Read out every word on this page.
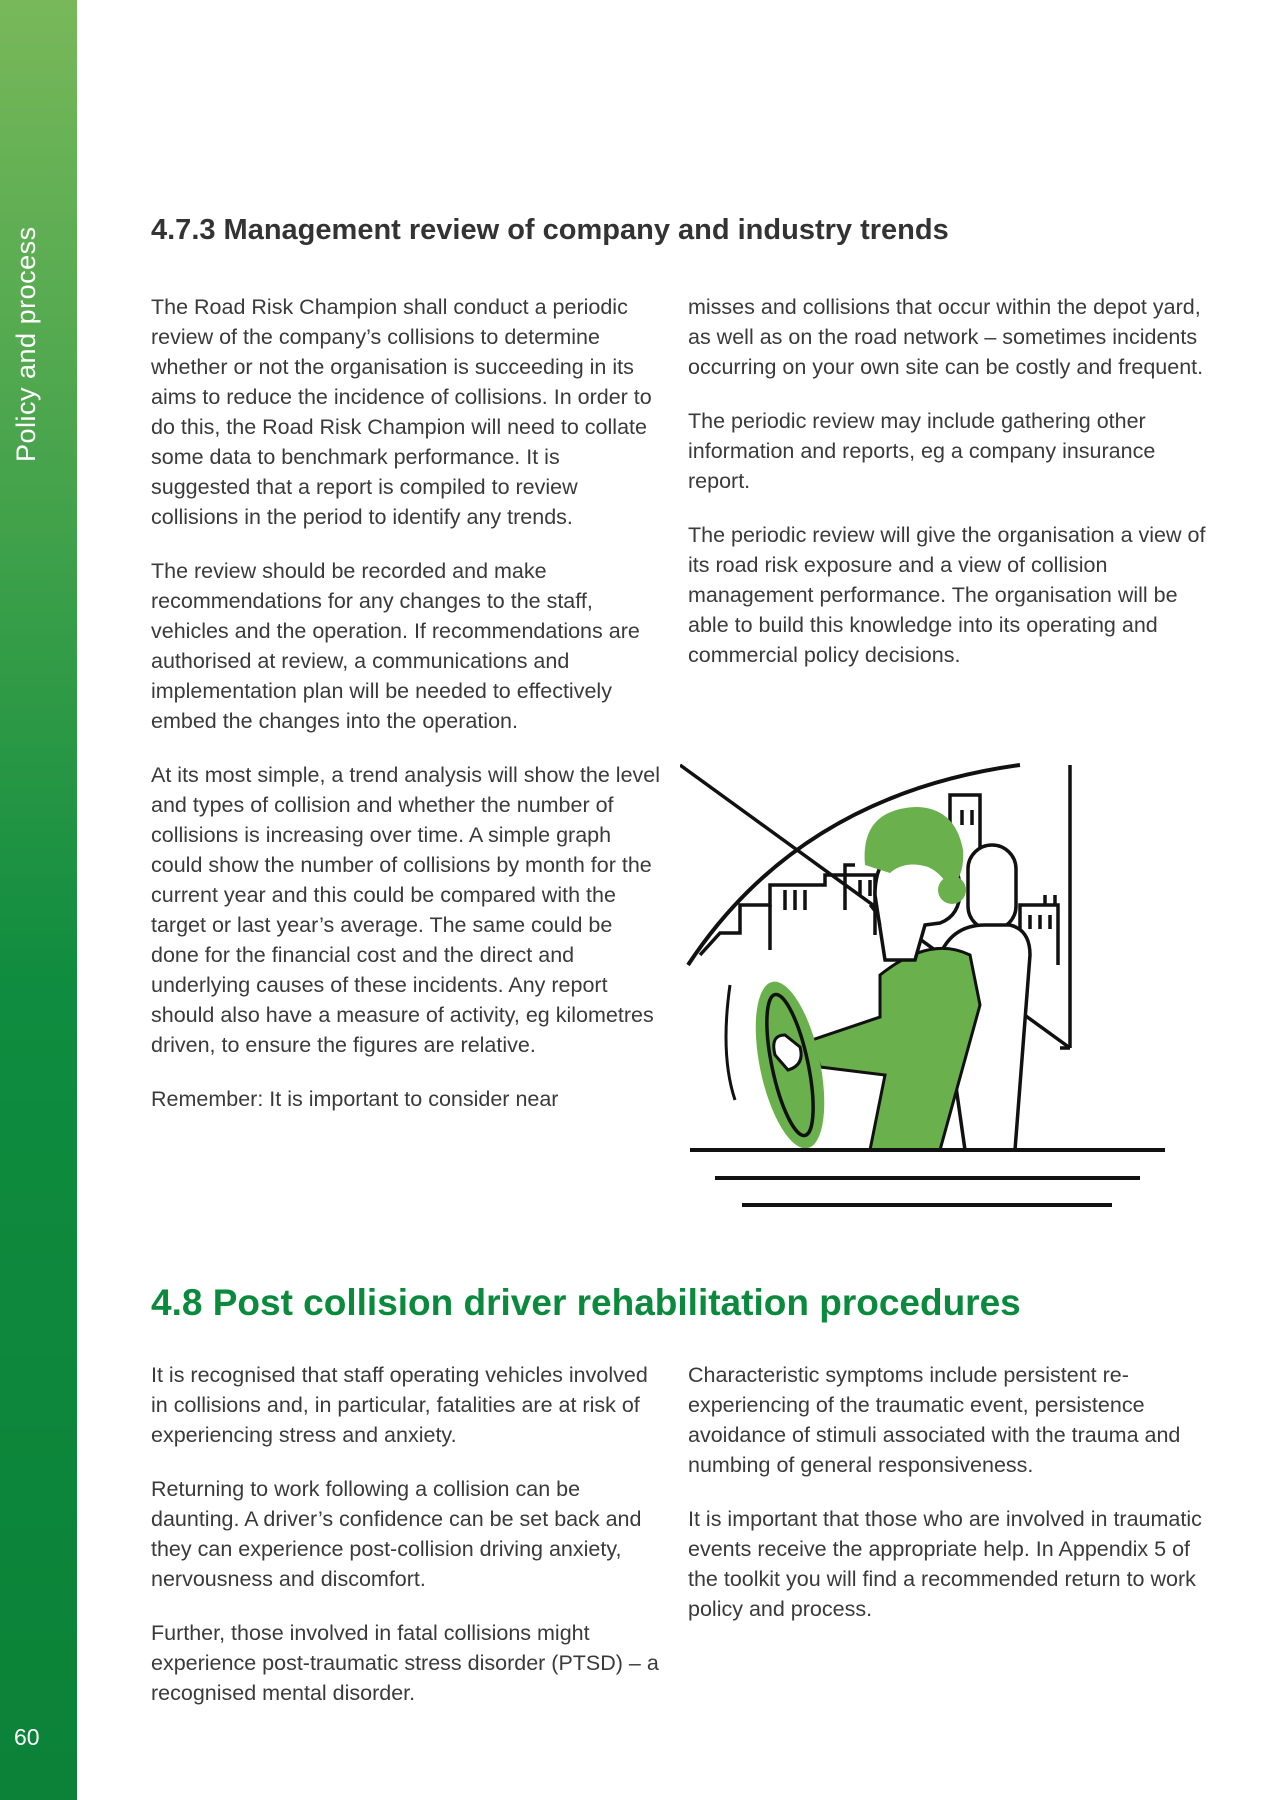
Policy and process
60
4.7.3 Management review of company and industry trends

The Road Risk Champion shall conduct a periodic review of the company’s collisions to determine whether or not the organisation is succeeding in its aims to reduce the incidence of collisions. In order to do this, the Road Risk Champion will need to collate some data to benchmark performance. It is suggested that a report is compiled to review collisions in the period to identify any trends.

The review should be recorded and make recommendations for any changes to the staff, vehicles and the operation. If recommendations are authorised at review, a communications and implementation plan will be needed to effectively embed the changes into the operation.

At its most simple, a trend analysis will show the level and types of collision and whether the number of collisions is increasing over time. A simple graph could show the number of collisions by month for the current year and this could be compared with the target or last year’s average. The same could be done for the financial cost and the direct and underlying causes of these incidents. Any report should also have a measure of activity, eg kilometres driven, to ensure the figures are relative.

Remember: It is important to consider near

misses and collisions that occur within the depot yard, as well as on the road network – sometimes incidents occurring on your own site can be costly and frequent.

The periodic review may include gathering other information and reports, eg a company insurance report.

The periodic review will give the organisation a view of its road risk exposure and a view of collision management performance. The organisation will be able to build this knowledge into its operating and commercial policy decisions.

4.8 Post collision driver rehabilitation procedures

It is recognised that staff operating vehicles involved in collisions and, in particular, fatalities are at risk of experiencing stress and anxiety.

Returning to work following a collision can be daunting. A driver’s confidence can be set back and they can experience post-collision driving anxiety, nervousness and discomfort.

Further, those involved in fatal collisions might experience post-traumatic stress disorder (PTSD) – a recognised mental disorder.

Characteristic symptoms include persistent re-experiencing of the traumatic event, persistence avoidance of stimuli associated with the trauma and numbing of general responsiveness.

It is important that those who are involved in traumatic events receive the appropriate help. In Appendix 5 of the toolkit you will find a recommended return to work policy and process.
